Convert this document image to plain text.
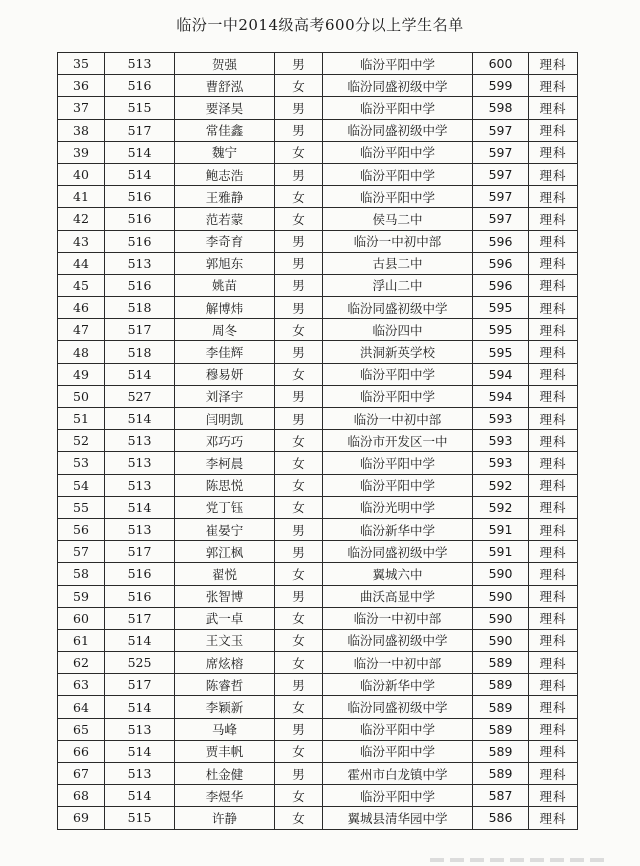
临汾一中2014级高考600分以上学生名单
35	513	贺强	男	临汾平阳中学	600	理科
36	516	曹舒泓	女	临汾同盛初级中学	599	理科
37	515	要泽昊	男	临汾平阳中学	598	理科
38	517	常佳鑫	男	临汾同盛初级中学	597	理科
39	514	魏宁	女	临汾平阳中学	597	理科
40	514	鲍志浩	男	临汾平阳中学	597	理科
41	516	王雅静	女	临汾平阳中学	597	理科
42	516	范若蒙	女	侯马二中	597	理科
43	516	李奇育	男	临汾一中初中部	596	理科
44	513	郭旭东	男	古县二中	596	理科
45	516	姚苗	男	浮山二中	596	理科
46	518	解博炜	男	临汾同盛初级中学	595	理科
47	517	周冬	女	临汾四中	595	理科
48	518	李佳辉	男	洪洞新英学校	595	理科
49	514	穆易妍	女	临汾平阳中学	594	理科
50	527	刘泽宇	男	临汾平阳中学	594	理科
51	514	闫明凯	男	临汾一中初中部	593	理科
52	513	邓巧巧	女	临汾市开发区一中	593	理科
53	513	李柯晨	女	临汾平阳中学	593	理科
54	513	陈思悦	女	临汾平阳中学	592	理科
55	514	党丁钰	女	临汾光明中学	592	理科
56	513	崔晏宁	男	临汾新华中学	591	理科
57	517	郭江枫	男	临汾同盛初级中学	591	理科
58	516	翟悦	女	翼城六中	590	理科
59	516	张智博	男	曲沃高显中学	590	理科
60	517	武一卓	女	临汾一中初中部	590	理科
61	514	王文玉	女	临汾同盛初级中学	590	理科
62	525	席炫榕	女	临汾一中初中部	589	理科
63	517	陈睿哲	男	临汾新华中学	589	理科
64	514	李颖新	女	临汾同盛初级中学	589	理科
65	513	马峰	男	临汾平阳中学	589	理科
66	514	贾丰帆	女	临汾平阳中学	589	理科
67	513	杜金健	男	霍州市白龙镇中学	589	理科
68	514	李煜华	女	临汾平阳中学	587	理科
69	515	许静	女	翼城县清华园中学	586	理科
